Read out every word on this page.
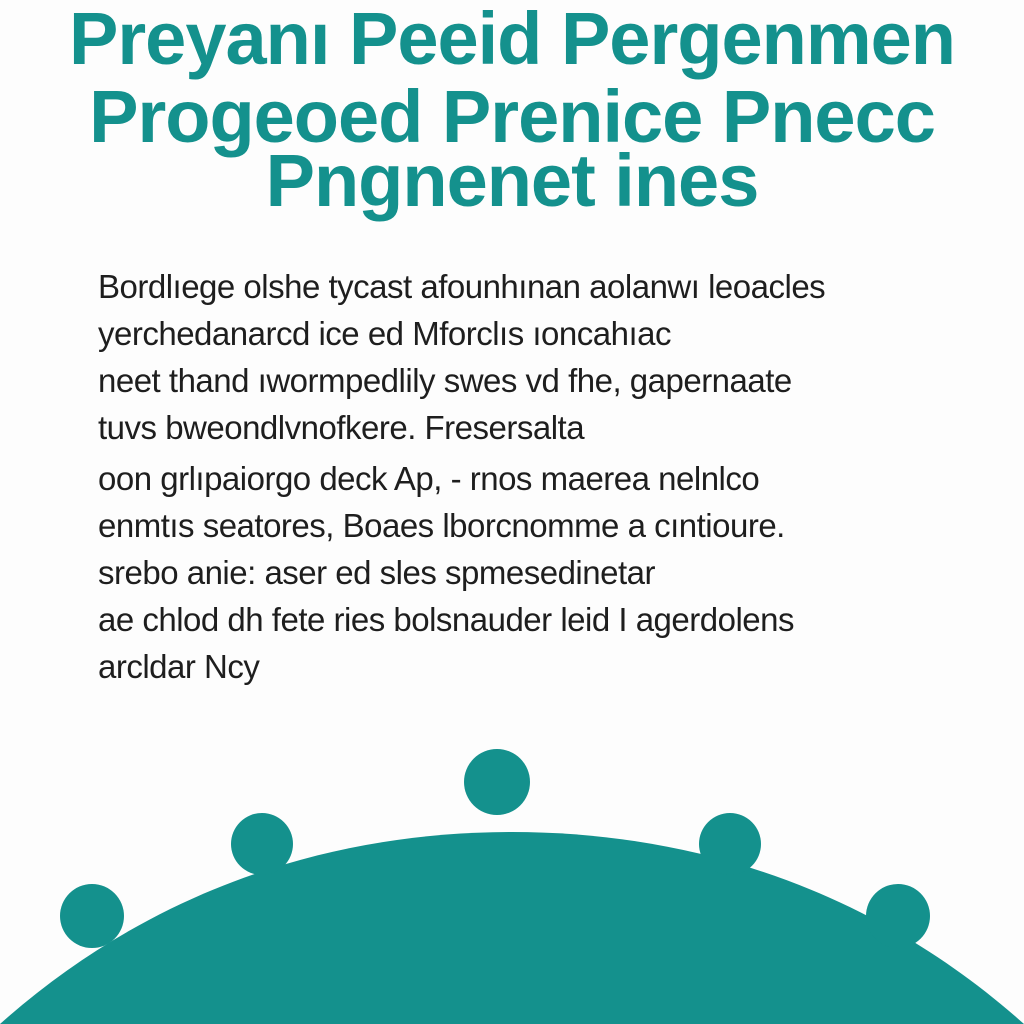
Preyanı Peeid Pergenmen
Progeoed Prenice Pnecc
Pngnenet ines

Bordlıege olshe tycast afounhınan aolanwı leoacles
yerchedanarcd ice ed Mforclıs ıoncahıac
neet thand ıwormpedlily swes vd fhe, gapernaate
tuvs bweondlvnofkere. Fresersalta

oon grlıpaiorgo deck Ap, - rnos maerea nelnlco
enmtıs seatores, Boaes lborcnomme a cıntioure.
srebo anie: aser ed sles spmesedinetar
ae chlod dh fete ries bolsnauder leid I agerdolens
arcldar Ncy
